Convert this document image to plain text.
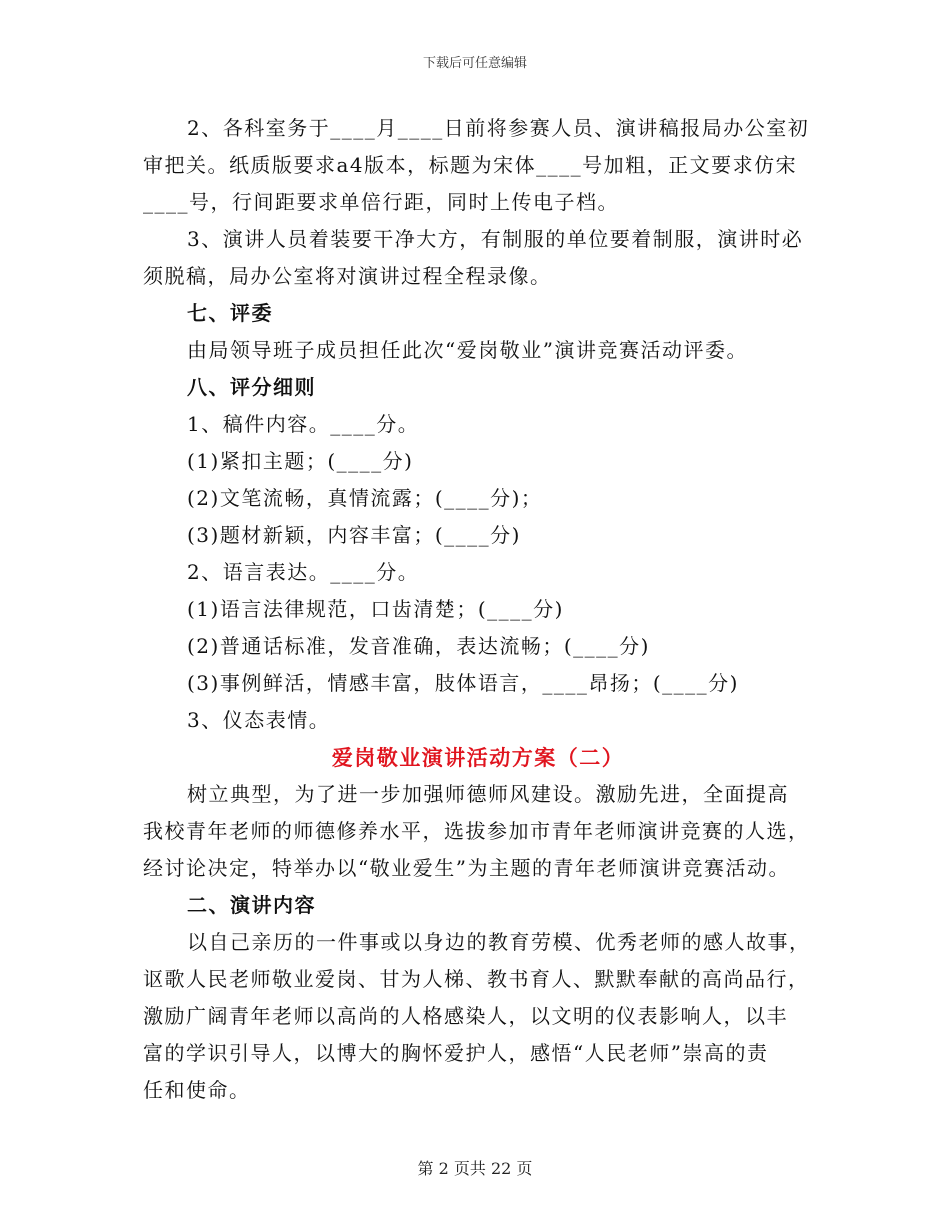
下载后可任意编辑
2、各科室务于____月____日前将参赛人员、演讲稿报局办公室初
审把关。纸质版要求a4版本，标题为宋体____号加粗，正文要求仿宋
____号，行间距要求单倍行距，同时上传电子档。
3、演讲人员着装要干净大方，有制服的单位要着制服，演讲时必
须脱稿，局办公室将对演讲过程全程录像。
七、评委
由局领导班子成员担任此次“爱岗敬业”演讲竞赛活动评委。
八、评分细则
1、稿件内容。____分。
(1)紧扣主题；(____分)
(2)文笔流畅，真情流露；(____分)；
(3)题材新颖，内容丰富；(____分)
2、语言表达。____分。
(1)语言法律规范，口齿清楚；(____分)
(2)普通话标准，发音准确，表达流畅；(____分)
(3)事例鲜活，情感丰富，肢体语言，____昂扬；(____分)
3、仪态表情。
爱岗敬业演讲活动方案（二）
树立典型，为了进一步加强师德师风建设。激励先进，全面提高
我校青年老师的师德修养水平，选拔参加市青年老师演讲竞赛的人选，
经讨论决定，特举办以“敬业爱生”为主题的青年老师演讲竞赛活动。
二、演讲内容
以自己亲历的一件事或以身边的教育劳模、优秀老师的感人故事，
讴歌人民老师敬业爱岗、甘为人梯、教书育人、默默奉献的高尚品行，
激励广阔青年老师以高尚的人格感染人，以文明的仪表影响人，以丰
富的学识引导人，以博大的胸怀爱护人，感悟“人民老师”崇高的责
任和使命。
第 2 页共 22 页
